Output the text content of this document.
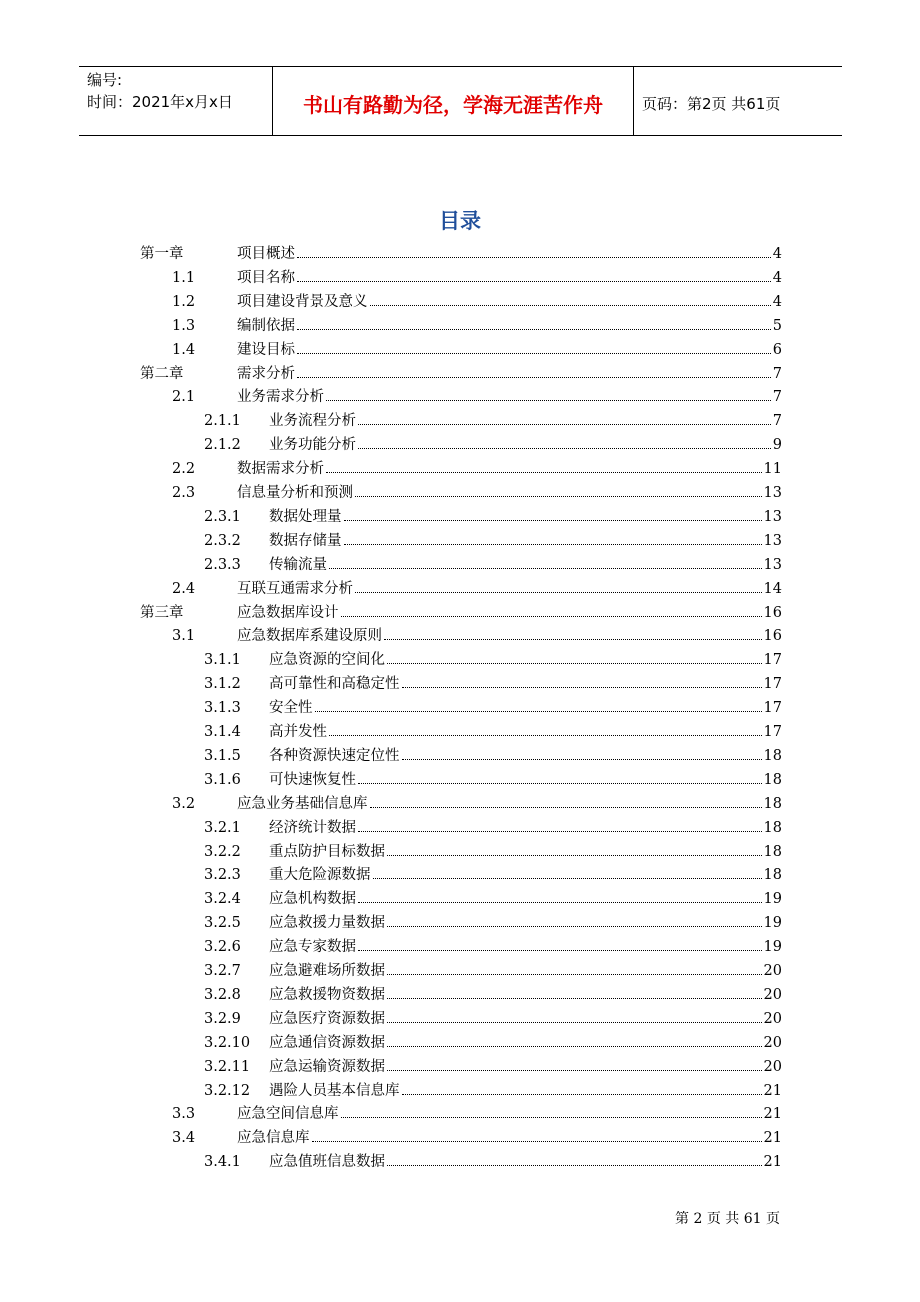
编号:
时间：2021年x月x日	书山有路勤为径，学海无涯苦作舟	页码：第2页 共61页
目录
第一章	项目概述	4
1.1	项目名称	4
1.2	项目建设背景及意义	4
1.3	编制依据	5
1.4	建设目标	6
第二章	需求分析	7
2.1	业务需求分析	7
2.1.1 业务流程分析	7
2.1.2 业务功能分析	9
2.2	数据需求分析	11
2.3	信息量分析和预测	13
2.3.1 数据处理量	13
2.3.2 数据存储量	13
2.3.3 传输流量	13
2.4	互联互通需求分析	14
第三章	应急数据库设计	16
3.1	应急数据库系建设原则	16
3.1.1 应急资源的空间化	17
3.1.2 高可靠性和高稳定性	17
3.1.3 安全性	17
3.1.4 高并发性	17
3.1.5 各种资源快速定位性	18
3.1.6 可快速恢复性	18
3.2	应急业务基础信息库	18
3.2.1 经济统计数据	18
3.2.2 重点防护目标数据	18
3.2.3 重大危险源数据	18
3.2.4 应急机构数据	19
3.2.5 应急救援力量数据	19
3.2.6 应急专家数据	19
3.2.7 应急避难场所数据	20
3.2.8 应急救援物资数据	20
3.2.9 应急医疗资源数据	20
3.2.10 应急通信资源数据	20
3.2.11 应急运输资源数据	20
3.2.12 遇险人员基本信息库	21
3.3	应急空间信息库	21
3.4	应急信息库	21
3.4.1 应急值班信息数据	21
第 2 页 共 61 页
